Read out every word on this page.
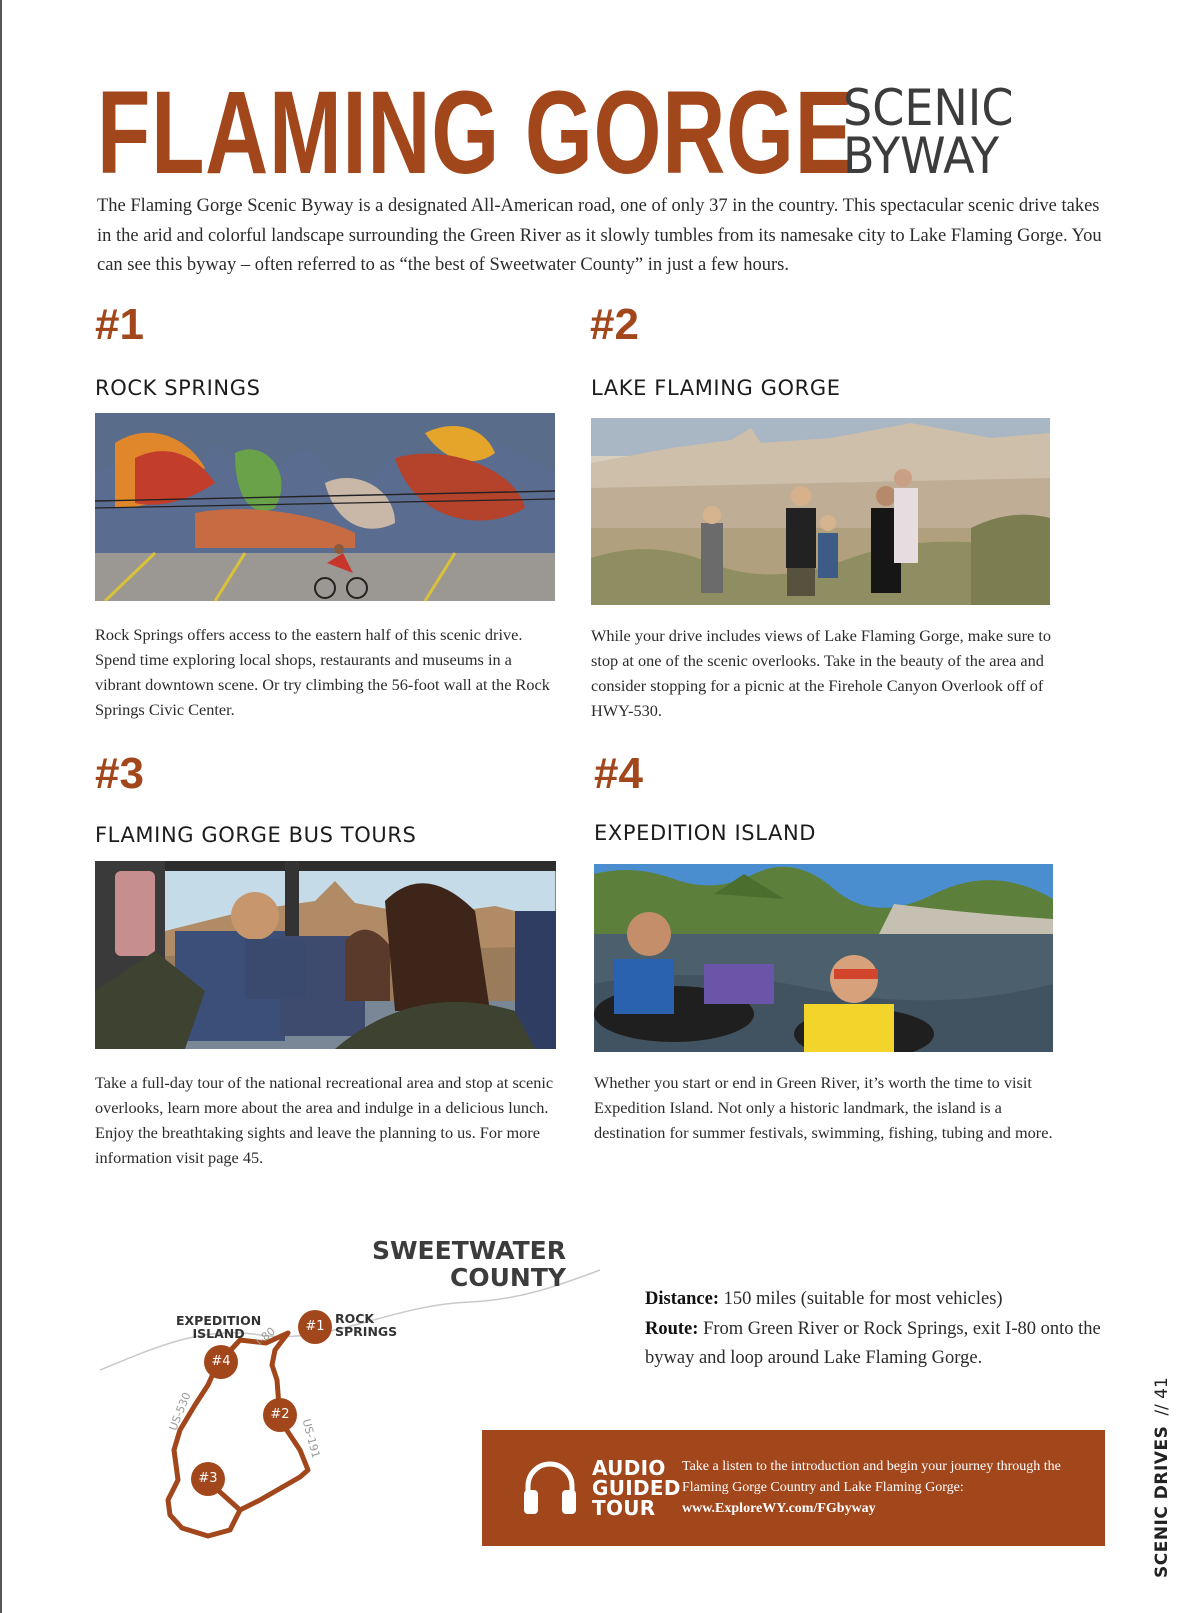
FLAMING GORGE
SCENIC
BYWAY
The Flaming Gorge Scenic Byway is a designated All-American road, one of only 37 in the country. This spectacular scenic drive takes in the arid and colorful landscape surrounding the Green River as it slowly tumbles from its namesake city to Lake Flaming Gorge. You can see this byway – often referred to as “the best of Sweetwater County” in just a few hours.
#1
ROCK SPRINGS
Rock Springs offers access to the eastern half of this scenic drive. Spend time exploring local shops, restaurants and museums in a vibrant downtown scene. Or try climbing the 56-foot wall at the Rock Springs Civic Center.
#2
LAKE FLAMING GORGE
While your drive includes views of Lake Flaming Gorge, make sure to stop at one of the scenic overlooks. Take in the beauty of the area and consider stopping for a picnic at the Firehole Canyon Overlook off of HWY-530.
#3
FLAMING GORGE BUS TOURS
Take a full-day tour of the national recreational area and stop at scenic overlooks, learn more about the area and indulge in a delicious lunch. Enjoy the breathtaking sights and leave the planning to us. For more information visit page 45.
#4
EXPEDITION ISLAND
Whether you start or end in Green River, it’s worth the time to visit Expedition Island. Not only a historic landmark, the island is a destination for summer festivals, swimming, fishing, tubing and more.
SWEETWATER
COUNTY
EXPEDITION
ISLAND
ROCK
SPRINGS
I-80
US-530
US-191
#1
#2
#3
#4
Distance: 150 miles (suitable for most vehicles)
Route: From Green River or Rock Springs, exit I-80 onto the byway and loop around Lake Flaming Gorge.
AUDIO
GUIDED
TOUR
Take a listen to the introduction and begin your journey through the Flaming Gorge Country and Lake Flaming Gorge:
www.ExploreWY.com/FGbyway	SCENIC DRIVES// 41
